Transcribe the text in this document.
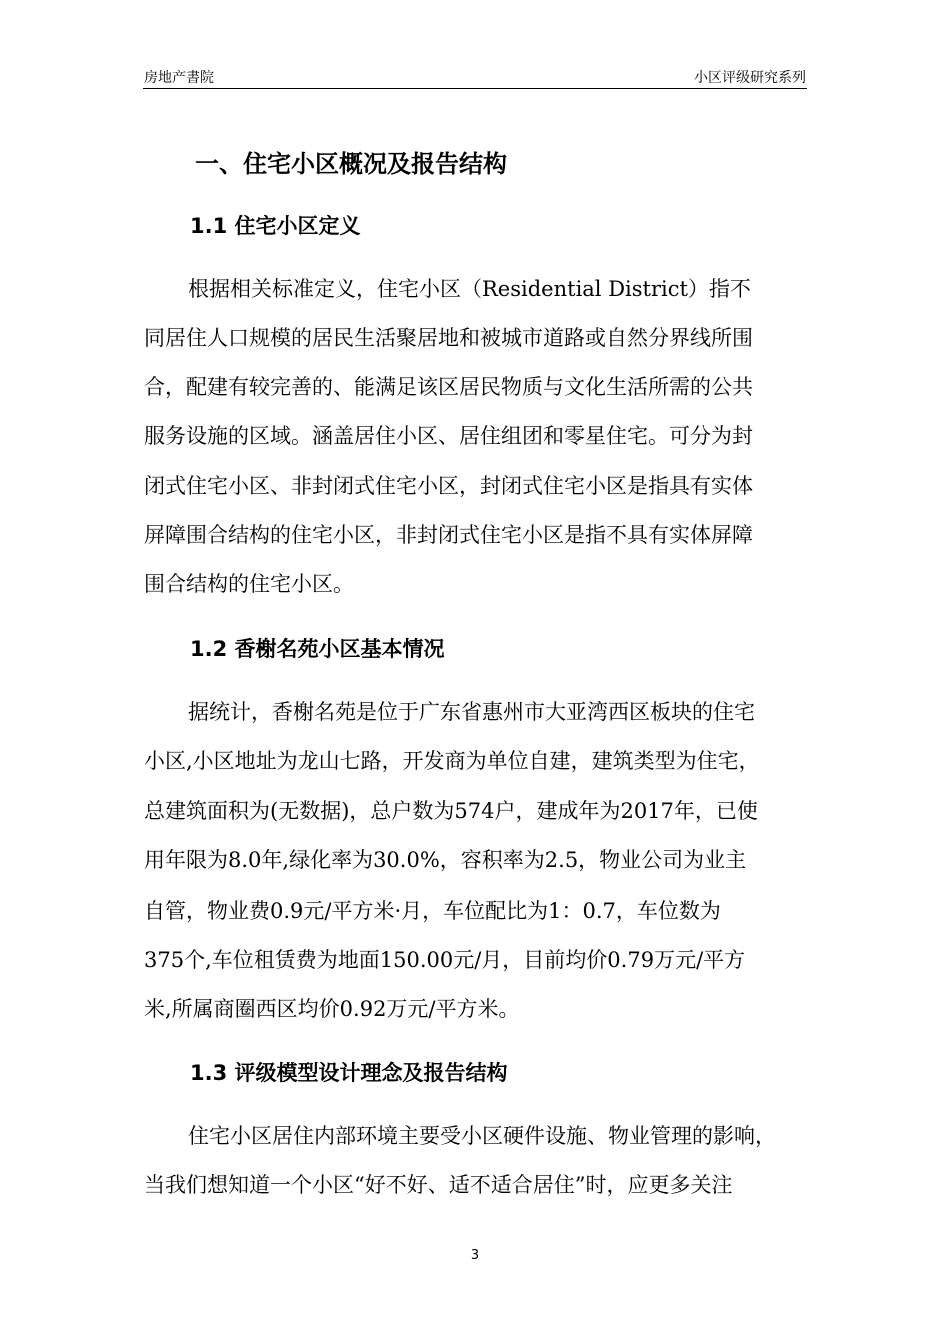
房地产書院	小区评级研究系列
一、住宅小区概况及报告结构
1.1 住宅小区定义
根据相关标准定义，住宅小区（Residential District）指不
同居住人口规模的居民生活聚居地和被城市道路或自然分界线所围
合，配建有较完善的、能满足该区居民物质与文化生活所需的公共
服务设施的区域。涵盖居住小区、居住组团和零星住宅。可分为封
闭式住宅小区、非封闭式住宅小区，封闭式住宅小区是指具有实体
屏障围合结构的住宅小区，非封闭式住宅小区是指不具有实体屏障
围合结构的住宅小区。
1.2 香榭名苑小区基本情况
据统计，香榭名苑是位于广东省惠州市大亚湾西区板块的住宅
小区,小区地址为龙山七路，开发商为单位自建，建筑类型为住宅，
总建筑面积为(无数据)，总户数为574户，建成年为2017年，已使
用年限为8.0年,绿化率为30.0%，容积率为2.5，物业公司为业主
自管，物业费0.9元/平方米·月，车位配比为1：0.7，车位数为
375个,车位租赁费为地面150.00元/月，目前均价0.79万元/平方
米,所属商圈西区均价0.92万元/平方米。
1.3 评级模型设计理念及报告结构
住宅小区居住内部环境主要受小区硬件设施、物业管理的影响，
当我们想知道一个小区“好不好、适不适合居住”时，应更多关注
3
